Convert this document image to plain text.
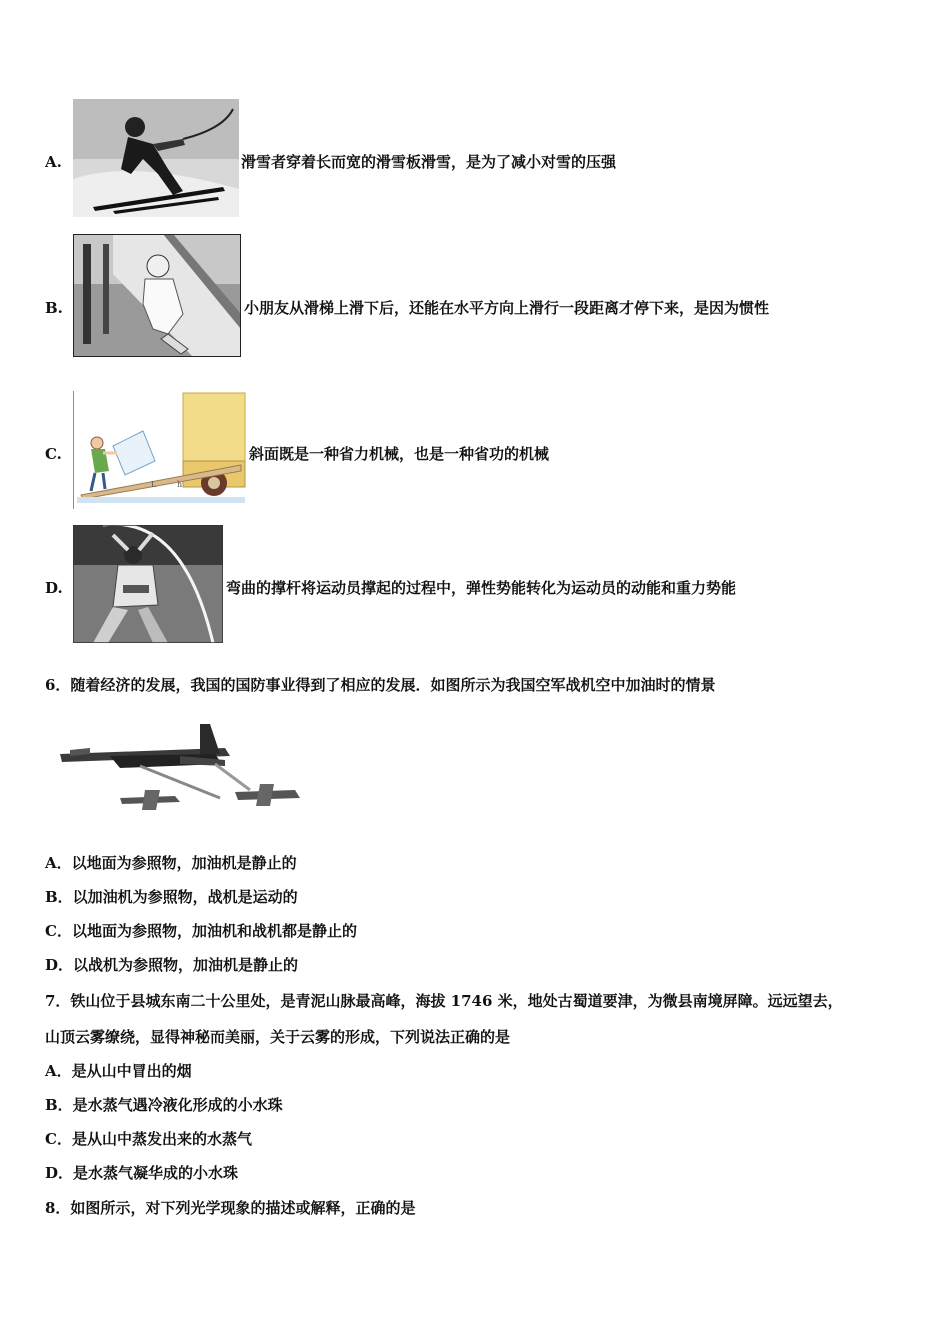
A.	滑雪者穿着长而宽的滑雪板滑雪，是为了减小对雪的压强
B.	小朋友从滑梯上滑下后，还能在水平方向上滑行一段距离才停下来，是因为惯性
C.
L	h
斜面既是一种省力机械，也是一种省功的机械
D.	弯曲的撑杆将运动员撑起的过程中，弹性势能转化为运动员的动能和重力势能
6．随着经济的发展，我国的国防事业得到了相应的发展．如图所示为我国空军战机空中加油时的情景
A．以地面为参照物，加油机是静止的
B．以加油机为参照物，战机是运动的
C．以地面为参照物，加油机和战机都是静止的
D．以战机为参照物，加油机是静止的
7．铁山位于县城东南二十公里处，是青泥山脉最高峰，海拔 1746 米，地处古蜀道要津，为微县南境屏障。远远望去，
山顶云雾缭绕，显得神秘而美丽，关于云雾的形成，下列说法正确的是
A．是从山中冒出的烟
B．是水蒸气遇冷液化形成的小水珠
C．是从山中蒸发出来的水蒸气
D．是水蒸气凝华成的小水珠
8．如图所示，对下列光学现象的描述或解释，正确的是
